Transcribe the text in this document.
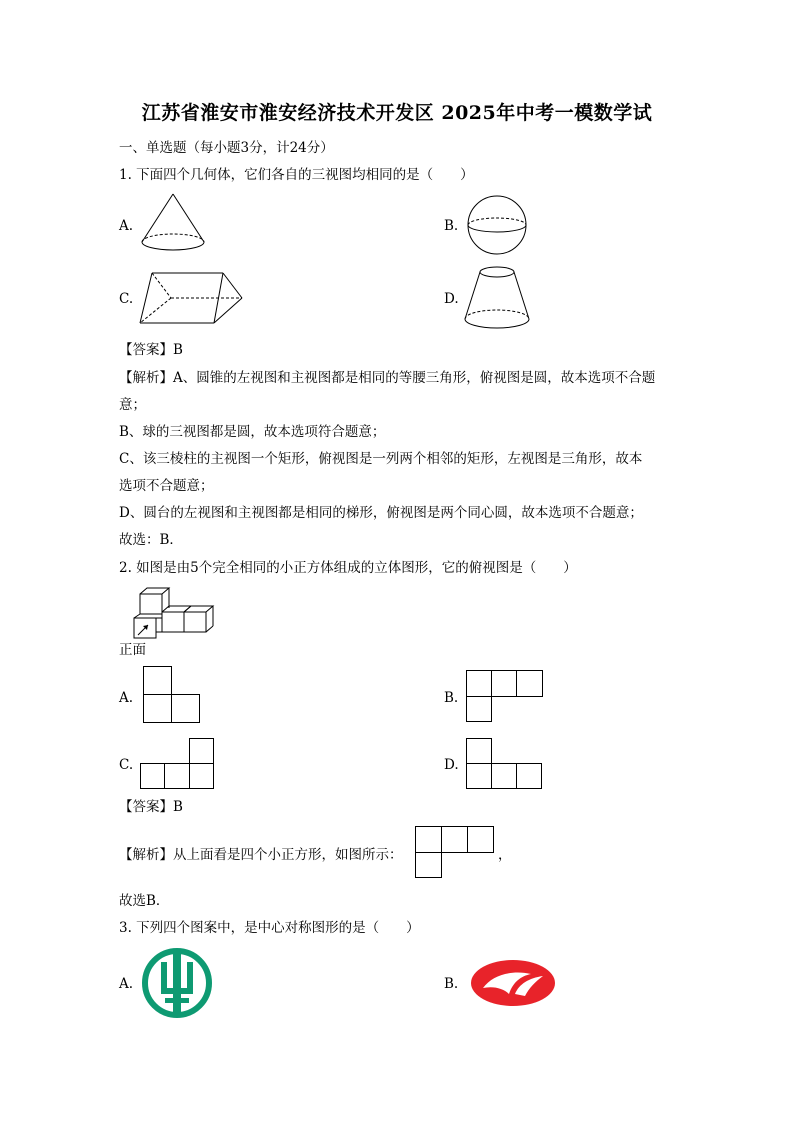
江苏省淮安市淮安经济技术开发区 2025年中考一模数学试
一、单选题（每小题3分，计24分）
1. 下面四个几何体，它们各自的三视图均相同的是（　　）
A.	B.
C.	D.
【答案】B
【解析】A、圆锥的左视图和主视图都是相同的等腰三角形，俯视图是圆，故本选项不合题
意；
B、球的三视图都是圆，故本选项符合题意；
C、该三棱柱的主视图一个矩形，俯视图是一列两个相邻的矩形，左视图是三角形，故本
选项不合题意；
D、圆台的左视图和主视图都是相同的梯形，俯视图是两个同心圆，故本选项不合题意；
故选：B．
2. 如图是由5个完全相同的小正方体组成的立体图形，它的俯视图是（　　）
正面
A.	B.
C.	D.
【答案】B
【解析】从上面看是四个小正方形，如图所示：	，
故选B．
3. 下列四个图案中，是中心对称图形的是（　　）
A.	B.
